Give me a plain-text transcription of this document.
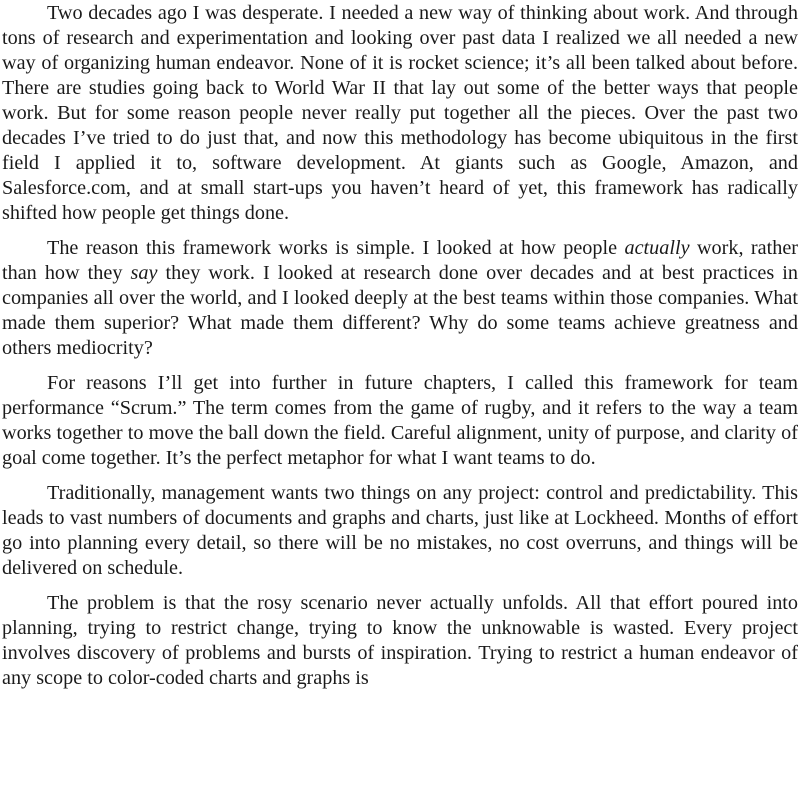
Two decades ago I was desperate. I needed a new way of thinking about work. And through tons of research and experimentation and looking over past data I realized we all needed a new way of organizing human endeavor. None of it is rocket science; it’s all been talked about before. There are studies going back to World War II that lay out some of the better ways that people work. But for some reason people never really put together all the pieces. Over the past two decades I’ve tried to do just that, and now this methodology has become ubiquitous in the first field I applied it to, software development. At giants such as Google, Amazon, and Salesforce.com, and at small start-ups you haven’t heard of yet, this framework has radically shifted how people get things done.

The reason this framework works is simple. I looked at how people actually work, rather than how they say they work. I looked at research done over decades and at best practices in companies all over the world, and I looked deeply at the best teams within those companies. What made them superior? What made them different? Why do some teams achieve greatness and others mediocrity?

For reasons I’ll get into further in future chapters, I called this framework for team performance “Scrum.” The term comes from the game of rugby, and it refers to the way a team works together to move the ball down the field. Careful alignment, unity of purpose, and clarity of goal come together. It’s the perfect metaphor for what I want teams to do.

Traditionally, management wants two things on any project: control and predictability. This leads to vast numbers of documents and graphs and charts, just like at Lockheed. Months of effort go into planning every detail, so there will be no mistakes, no cost overruns, and things will be delivered on schedule.

The problem is that the rosy scenario never actually unfolds. All that effort poured into planning, trying to restrict change, trying to know the unknowable is wasted. Every project involves discovery of problems and bursts of inspiration. Trying to restrict a human endeavor of any scope to color-coded charts and graphs is
